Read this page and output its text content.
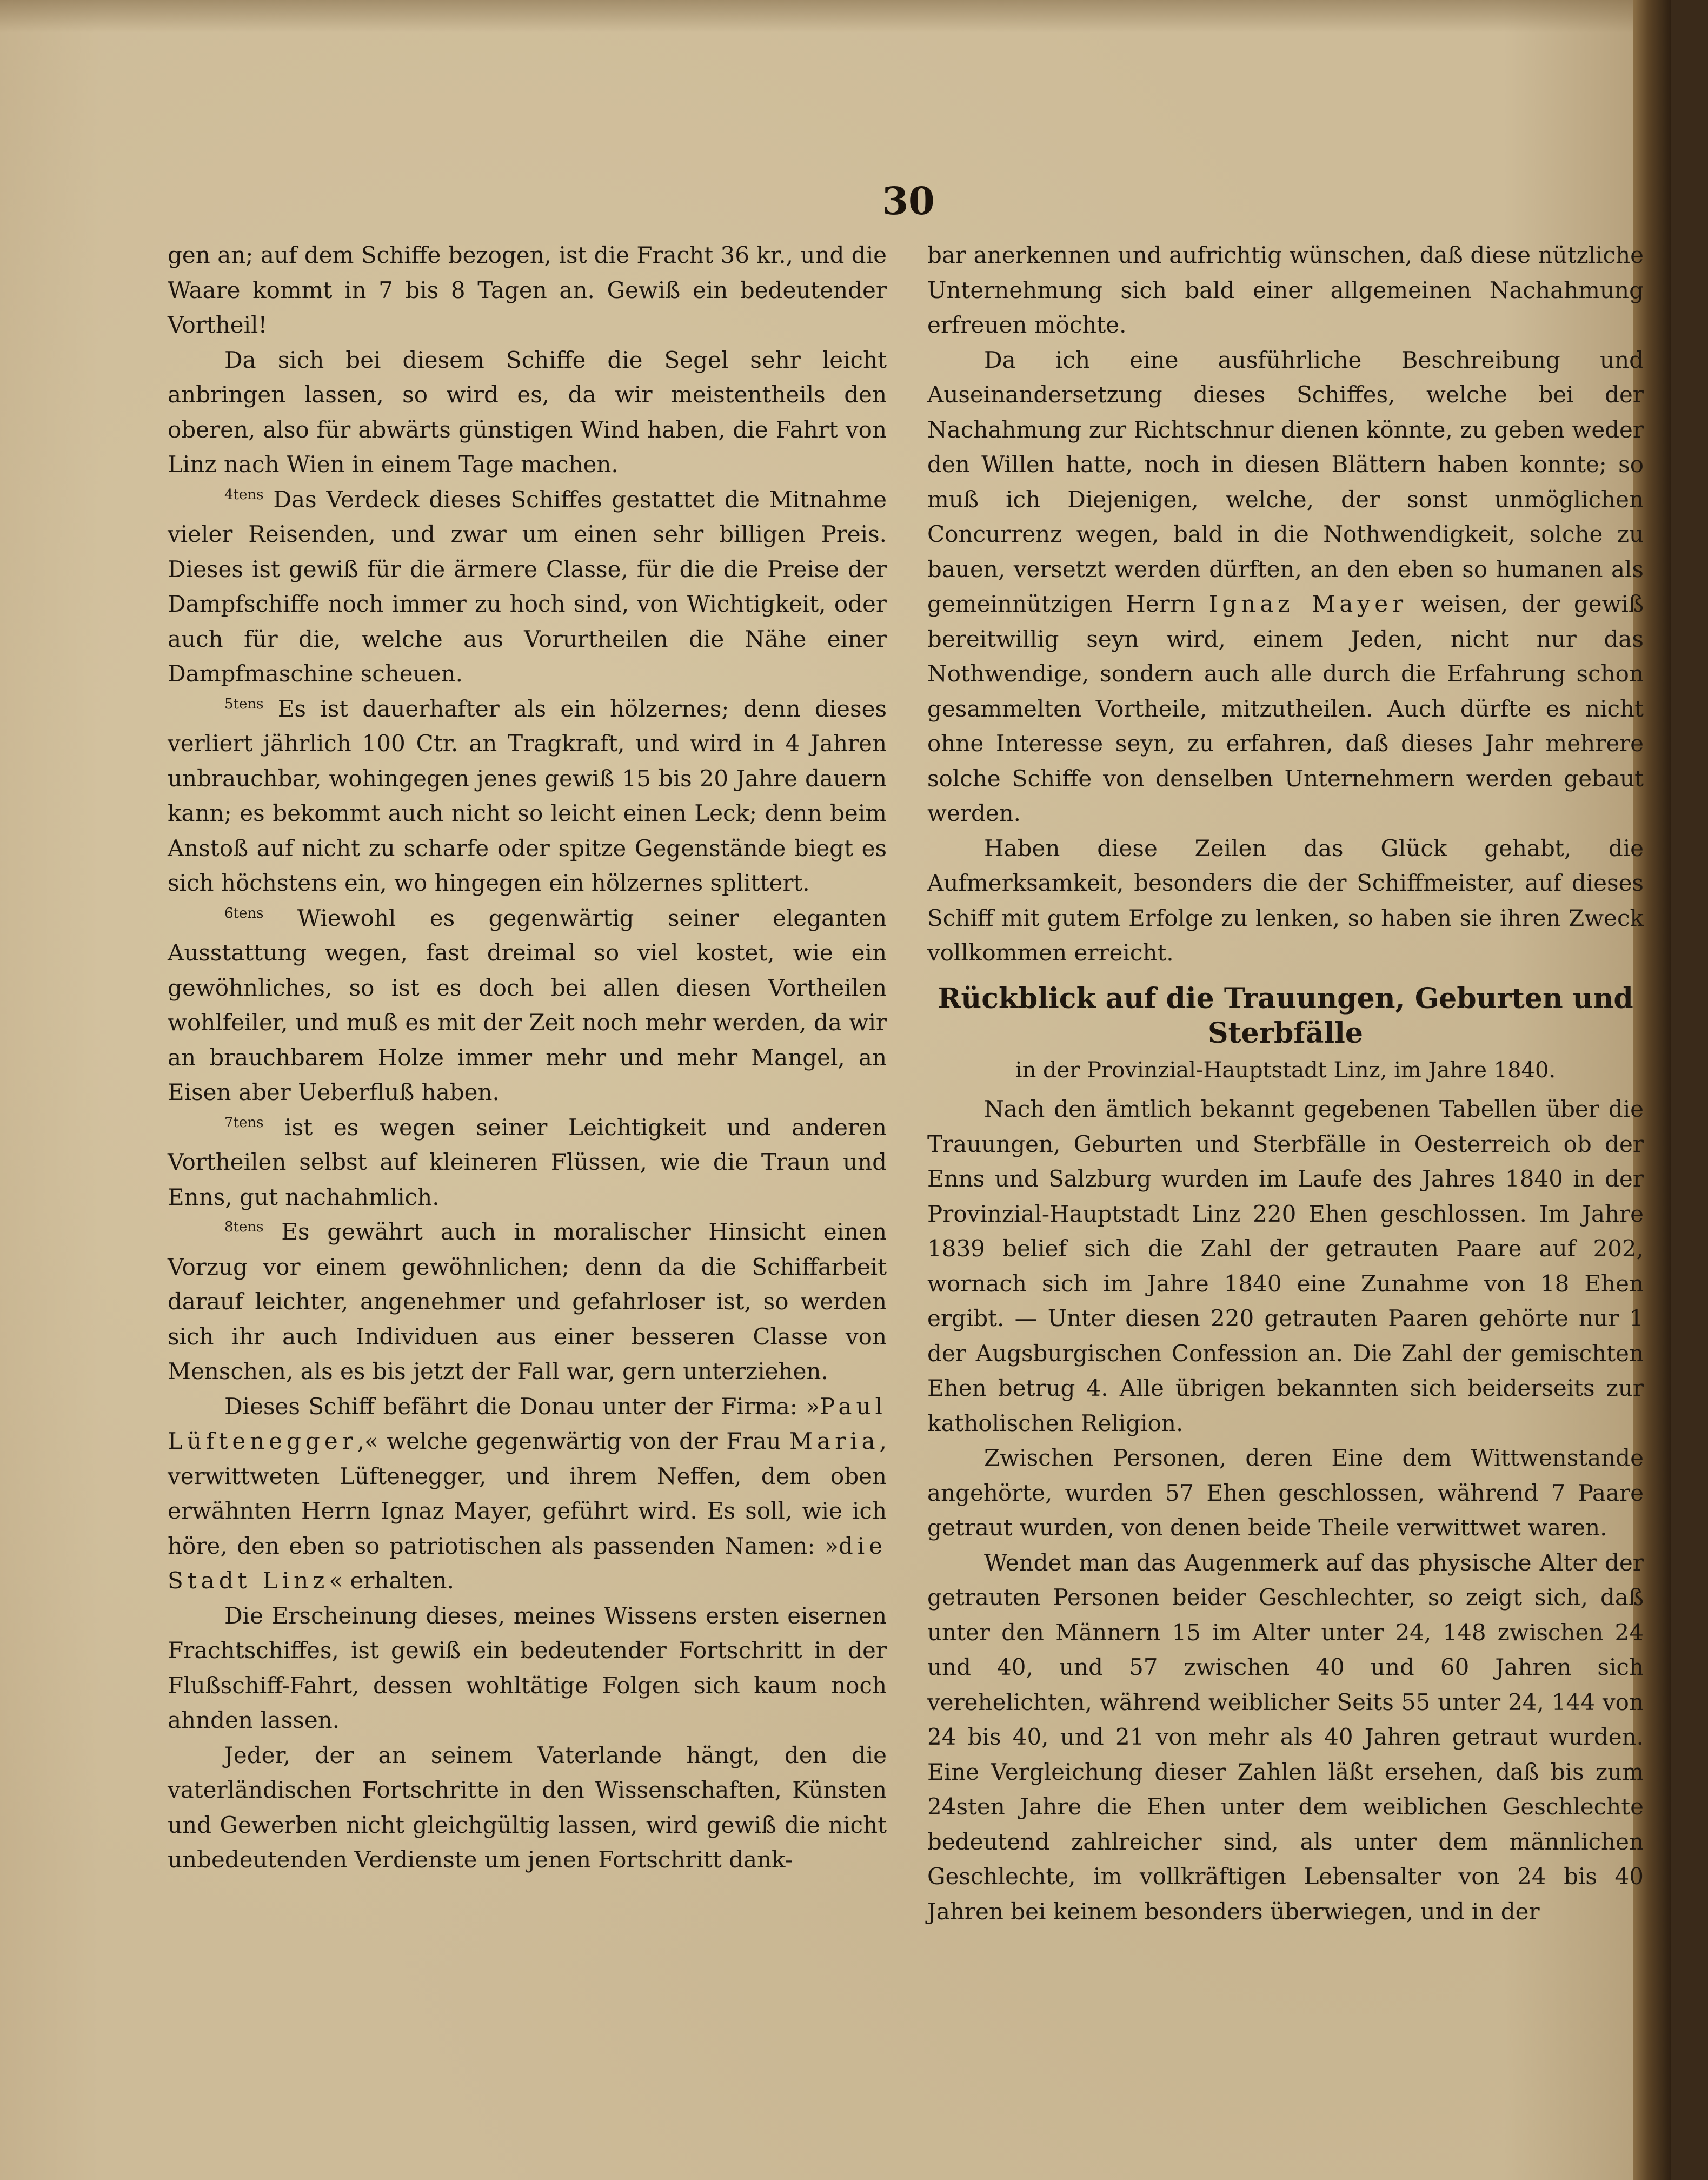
30

gen an; auf dem Schiffe bezogen, ist die Fracht 36 kr., und die Waare kommt in 7 bis 8 Tagen an. Gewiß ein bedeutender Vortheil!

Da sich bei diesem Schiffe die Segel sehr leicht anbringen lassen, so wird es, da wir meistentheils den oberen, also für abwärts günstigen Wind haben, die Fahrt von Linz nach Wien in einem Tage machen.

$^{4tens}$ Das Verdeck dieses Schiffes gestattet die Mitnahme vieler Reisenden, und zwar um einen sehr billigen Preis. Dieses ist gewiß für die ärmere Classe, für die die Preise der Dampfschiffe noch immer zu hoch sind, von Wichtigkeit, oder auch für die, welche aus Vorurtheilen die Nähe einer Dampfmaschine scheuen.

$^{5tens}$ Es ist dauerhafter als ein hölzernes; denn dieses verliert jährlich 100 Ctr. an Tragkraft, und wird in 4 Jahren unbrauchbar, wohingegen jenes gewiß 15 bis 20 Jahre dauern kann; es bekommt auch nicht so leicht einen Leck; denn beim Anstoß auf nicht zu scharfe oder spitze Gegenstände biegt es sich höchstens ein, wo hingegen ein hölzernes splittert.

$^{6tens}$ Wiewohl es gegenwärtig seiner eleganten Ausstattung wegen, fast dreimal so viel kostet, wie ein gewöhnliches, so ist es doch bei allen diesen Vortheilen wohlfeiler, und muß es mit der Zeit noch mehr werden, da wir an brauchbarem Holze immer mehr und mehr Mangel, an Eisen aber Ueberfluß haben.

$^{7tens}$ ist es wegen seiner Leichtigkeit und anderen Vortheilen selbst auf kleineren Flüssen, wie die Traun und Enns, gut nachahmlich.

$^{8tens}$ Es gewährt auch in moralischer Hinsicht einen Vorzug vor einem gewöhnlichen; denn da die Schiffarbeit darauf leichter, angenehmer und gefahrloser ist, so werden sich ihr auch Individuen aus einer besseren Classe von Menschen, als es bis jetzt der Fall war, gern unterziehen.

Dieses Schiff befährt die Donau unter der Firma: »Paul Lüftenegger,« welche gegenwärtig von der Frau Maria, verwittweten Lüftenegger, und ihrem Neffen, dem oben erwähnten Herrn Ignaz Mayer, geführt wird. Es soll, wie ich höre, den eben so patriotischen als passenden Namen: »die Stadt Linz« erhalten.

Die Erscheinung dieses, meines Wissens ersten eisernen Frachtschiffes, ist gewiß ein bedeutender Fortschritt in der Flußschiff-Fahrt, dessen wohltätige Folgen sich kaum noch ahnden lassen.

Jeder, der an seinem Vaterlande hängt, den die vaterländischen Fortschritte in den Wissenschaften, Künsten und Gewerben nicht gleichgültig lassen, wird gewiß die nicht unbedeutenden Verdienste um jenen Fortschritt dank-

bar anerkennen und aufrichtig wünschen, daß diese nützliche Unternehmung sich bald einer allgemeinen Nachahmung erfreuen möchte.

Da ich eine ausführliche Beschreibung und Auseinandersetzung dieses Schiffes, welche bei der Nachahmung zur Richtschnur dienen könnte, zu geben weder den Willen hatte, noch in diesen Blättern haben konnte; so muß ich Diejenigen, welche, der sonst unmöglichen Concurrenz wegen, bald in die Nothwendigkeit, solche zu bauen, versetzt werden dürften, an den eben so humanen als gemeinnützigen Herrn Ignaz Mayer weisen, der gewiß bereitwillig seyn wird, einem Jeden, nicht nur das Nothwendige, sondern auch alle durch die Erfahrung schon gesammelten Vortheile, mitzutheilen. Auch dürfte es nicht ohne Interesse seyn, zu erfahren, daß dieses Jahr mehrere solche Schiffe von denselben Unternehmern werden gebaut werden.

Haben diese Zeilen das Glück gehabt, die Aufmerksamkeit, besonders die der Schiffmeister, auf dieses Schiff mit gutem Erfolge zu lenken, so haben sie ihren Zweck vollkommen erreicht.

Rückblick auf die Trauungen, Geburten und Sterbfälle
in der Provinzial-Hauptstadt Linz, im Jahre 1840.

Nach den ämtlich bekannt gegebenen Tabellen über die Trauungen, Geburten und Sterbfälle in Oesterreich ob der Enns und Salzburg wurden im Laufe des Jahres 1840 in der Provinzial-Hauptstadt Linz 220 Ehen geschlossen. Im Jahre 1839 belief sich die Zahl der getrauten Paare auf 202, wornach sich im Jahre 1840 eine Zunahme von 18 Ehen ergibt. — Unter diesen 220 getrauten Paaren gehörte nur 1 der Augsburgischen Confession an. Die Zahl der gemischten Ehen betrug 4. Alle übrigen bekannten sich beiderseits zur katholischen Religion.

Zwischen Personen, deren Eine dem Wittwenstande angehörte, wurden 57 Ehen geschlossen, während 7 Paare getraut wurden, von denen beide Theile verwittwet waren.

Wendet man das Augenmerk auf das physische Alter der getrauten Personen beider Geschlechter, so zeigt sich, daß unter den Männern 15 im Alter unter 24, 148 zwischen 24 und 40, und 57 zwischen 40 und 60 Jahren sich verehelichten, während weiblicher Seits 55 unter 24, 144 von 24 bis 40, und 21 von mehr als 40 Jahren getraut wurden. Eine Vergleichung dieser Zahlen läßt ersehen, daß bis zum 24sten Jahre die Ehen unter dem weiblichen Geschlechte bedeutend zahlreicher sind, als unter dem männlichen Geschlechte, im vollkräftigen Lebensalter von 24 bis 40 Jahren bei keinem besonders überwiegen, und in der
